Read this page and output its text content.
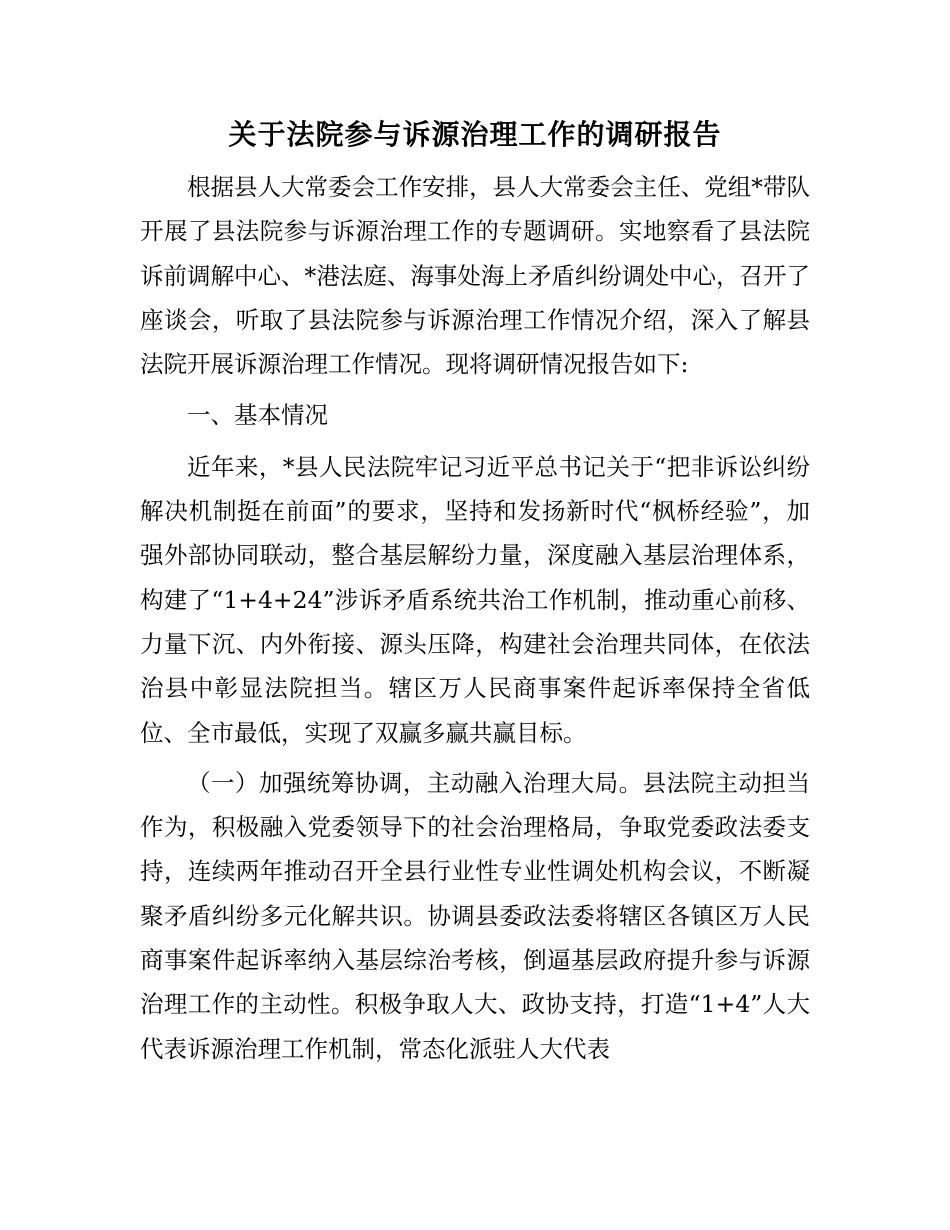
关于法院参与诉源治理工作的调研报告

根据县人大常委会工作安排，县人大常委会主任、党组*带队开展了县法院参与诉源治理工作的专题调研。实地察看了县法院诉前调解中心、*港法庭、海事处海上矛盾纠纷调处中心，召开了座谈会，听取了县法院参与诉源治理工作情况介绍，深入了解县法院开展诉源治理工作情况。现将调研情况报告如下:

一、基本情况

近年来，*县人民法院牢记习近平总书记关于“把非诉讼纠纷解决机制挺在前面”的要求，坚持和发扬新时代“枫桥经验”，加强外部协同联动，整合基层解纷力量，深度融入基层治理体系，构建了“1+4+24”涉诉矛盾系统共治工作机制，推动重心前移、力量下沉、内外衔接、源头压降，构建社会治理共同体，在依法治县中彰显法院担当。辖区万人民商事案件起诉率保持全省低位、全市最低，实现了双赢多赢共赢目标。

（一）加强统筹协调，主动融入治理大局。县法院主动担当作为，积极融入党委领导下的社会治理格局，争取党委政法委支持，连续两年推动召开全县行业性专业性调处机构会议，不断凝聚矛盾纠纷多元化解共识。协调县委政法委将辖区各镇区万人民商事案件起诉率纳入基层综治考核，倒逼基层政府提升参与诉源治理工作的主动性。积极争取人大、政协支持，打造“1+4”人大代表诉源治理工作机制，常态化派驻人大代表
